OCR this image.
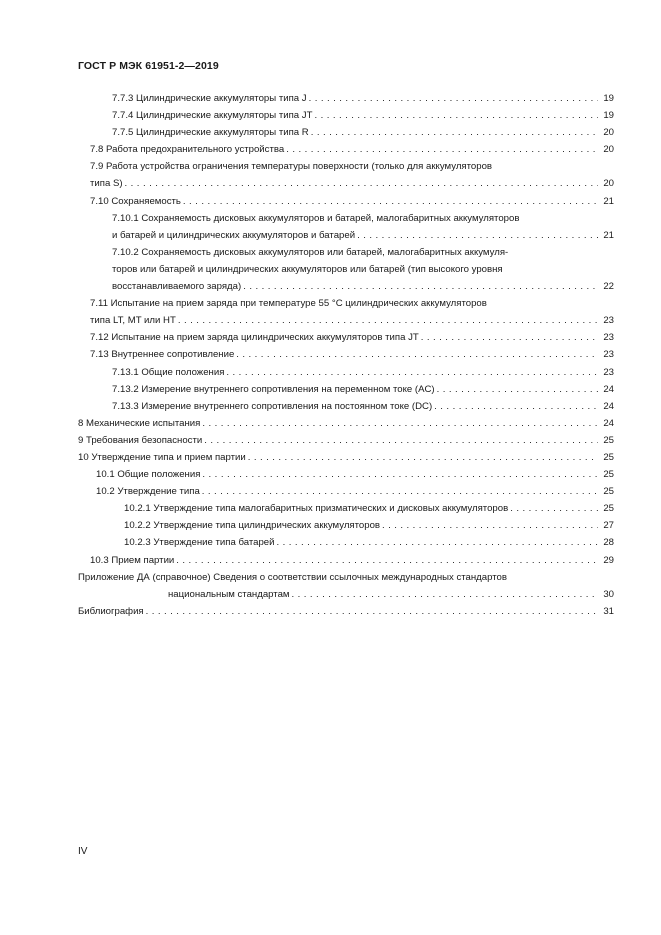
ГОСТ Р МЭК 61951-2—2019
7.7.3 Цилиндрические аккумуляторы типа J . . .	19
7.7.4 Цилиндрические аккумуляторы типа JT . . .	19
7.7.5 Цилиндрические аккумуляторы типа R . . .	20
7.8 Работа предохранительного устройства . . .	20
7.9 Работа устройства ограничения температуры поверхности (только для аккумуляторов
типа S) . . .	20
7.10 Сохраняемость . . .	21
7.10.1 Сохраняемость дисковых аккумуляторов и батарей, малогабаритных аккумуляторов
и батарей и цилиндрических аккумуляторов и батарей . . .	21
7.10.2 Сохраняемость дисковых аккумуляторов или батарей, малогабаритных аккумуля-
торов или батарей и цилиндрических аккумуляторов или батарей (тип высокого уровня
восстанавливаемого заряда) . . .	22
7.11 Испытание на прием заряда при температуре 55 °C цилиндрических аккумуляторов
типа LT, MT или HT . . .	23
7.12 Испытание на прием заряда цилиндрических аккумуляторов типа JT . . .	23
7.13 Внутреннее сопротивление . . .	23
7.13.1 Общие положения . . .	23
7.13.2 Измерение внутреннего сопротивления на переменном токе (AC) . . .	24
7.13.3 Измерение внутреннего сопротивления на постоянном токе (DC) . . .	24
8 Механические испытания . . .	24
9 Требования безопасности . . .	25
10 Утверждение типа и прием партии . . .	25
10.1 Общие положения . . .	25
10.2 Утверждение типа . . .	25
10.2.1 Утверждение типа малогабаритных призматических и дисковых аккумуляторов . . .	25
10.2.2 Утверждение типа цилиндрических аккумуляторов . . .	27
10.2.3 Утверждение типа батарей . . .	28
10.3 Прием партии . . .	29
Приложение ДА (справочное) Сведения о соответствии ссылочных международных стандартов
национальным стандартам . . .	30
Библиография . . .	31
IV
